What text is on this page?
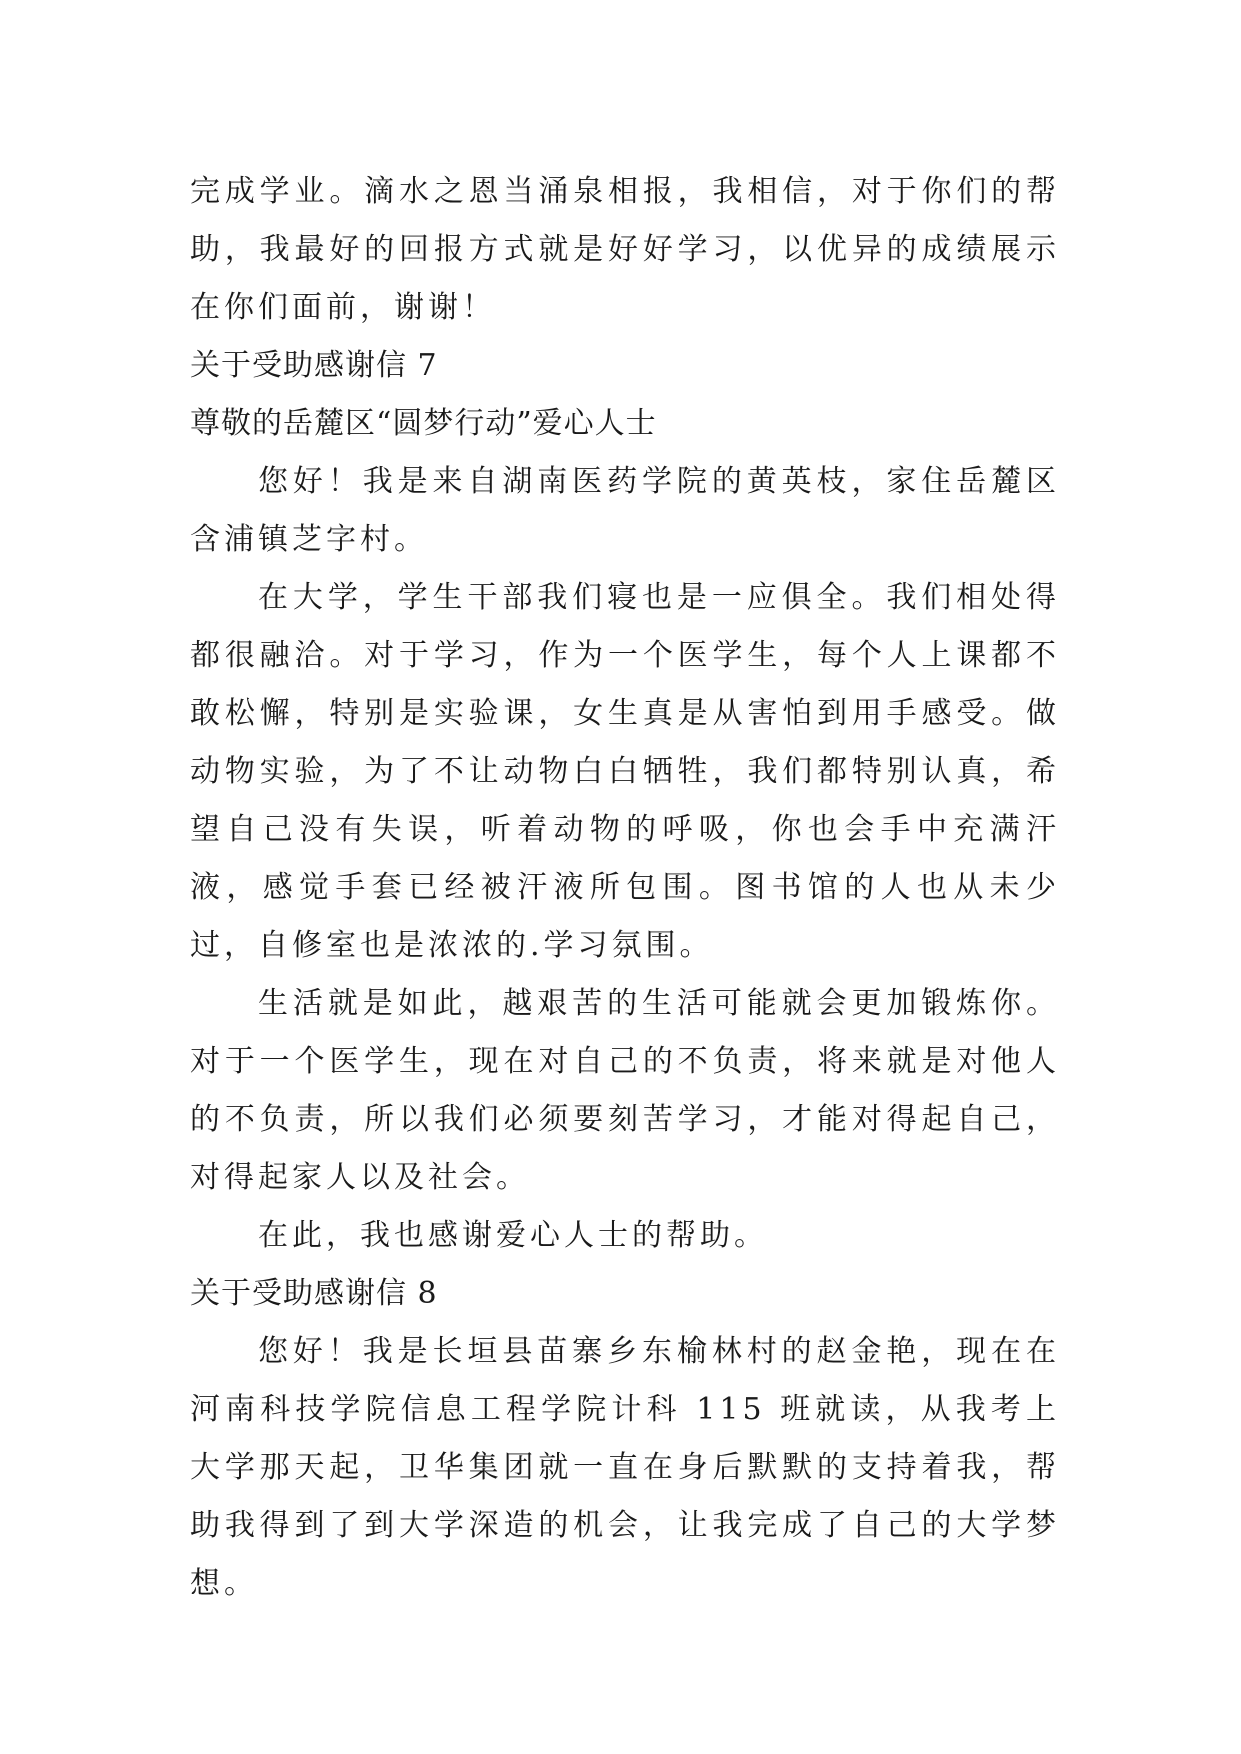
完成学业。滴水之恩当涌泉相报，我相信，对于你们的帮助，我最好的回报方式就是好好学习，以优异的成绩展示在你们面前，谢谢！

关于受助感谢信 7

尊敬的岳麓区“圆梦行动”爱心人士

您好！我是来自湖南医药学院的黄英枝，家住岳麓区含浦镇芝字村。

在大学，学生干部我们寝也是一应俱全。我们相处得都很融洽。对于学习，作为一个医学生，每个人上课都不敢松懈，特别是实验课，女生真是从害怕到用手感受。做动物实验，为了不让动物白白牺牲，我们都特别认真，希望自己没有失误，听着动物的呼吸，你也会手中充满汗液，感觉手套已经被汗液所包围。图书馆的人也从未少过，自修室也是浓浓的.学习氛围。

生活就是如此，越艰苦的生活可能就会更加锻炼你。对于一个医学生，现在对自己的不负责，将来就是对他人的不负责，所以我们必须要刻苦学习，才能对得起自己，对得起家人以及社会。

在此，我也感谢爱心人士的帮助。

关于受助感谢信 8

您好！我是长垣县苗寨乡东榆林村的赵金艳，现在在河南科技学院信息工程学院计科 115 班就读，从我考上大学那天起，卫华集团就一直在身后默默的支持着我，帮助我得到了到大学深造的机会，让我完成了自己的大学梦想。
